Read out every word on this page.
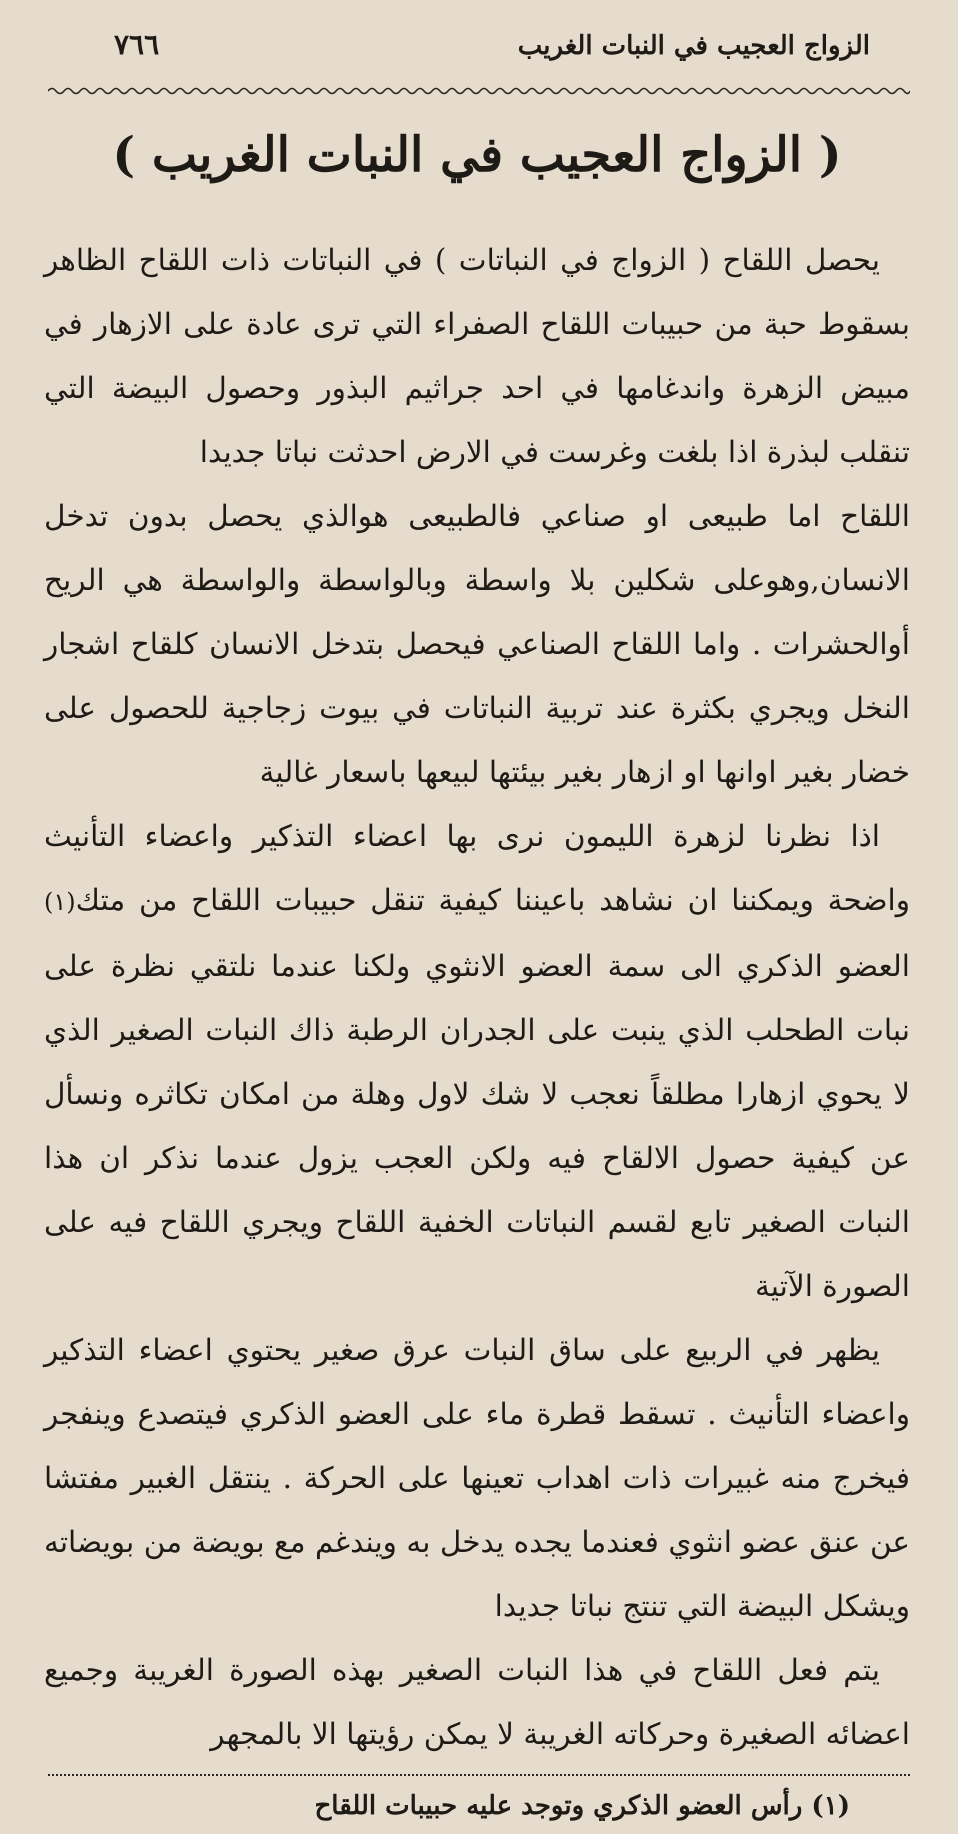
الزواج العجيب في النبات الغريب
٧٦٦
( الزواج العجيب في النبات الغريب )

يحصل اللقاح ( الزواج في النباتات ) في النباتات ذات اللقاح الظاهر بسقوط حبة من حبيبات اللقاح الصفراء التي ترى عادة على الازهار في مبيض الزهرة واندغامها في احد جراثيم البذور وحصول البيضة التي تنقلب لبذرة اذا بلغت وغرست في الارض احدثت نباتا جديدا

اللقاح اما طبيعى او صناعي فالطبيعى هوالذي يحصل بدون تدخل الانسان,وهوعلى شكلين بلا واسطة وبالواسطة والواسطة هي الريح أوالحشرات . واما اللقاح الصناعي فيحصل بتدخل الانسان كلقاح اشجار النخل ويجري بكثرة عند تربية النباتات في بيوت زجاجية للحصول على خضار بغير اوانها او ازهار بغير بيئتها لبيعها باسعار غالية

اذا نظرنا لزهرة الليمون نرى بها اعضاء التذكير واعضاء التأنيث واضحة ويمكننا ان نشاهد باعيننا كيفية تنقل حبيبات اللقاح من متك(١) العضو الذكري الى سمة العضو الانثوي ولكنا عندما نلتقي نظرة على نبات الطحلب الذي ينبت على الجدران الرطبة ذاك النبات الصغير الذي لا يحوي ازهارا مطلقاً نعجب لا شك لاول وهلة من امكان تكاثره ونسأل عن كيفية حصول الالقاح فيه ولكن العجب يزول عندما نذكر ان هذا النبات الصغير تابع لقسم النباتات الخفية اللقاح ويجري اللقاح فيه على الصورة الآتية

يظهر في الربيع على ساق النبات عرق صغير يحتوي اعضاء التذكير واعضاء التأنيث . تسقط قطرة ماء على العضو الذكري فيتصدع وينفجر فيخرج منه غبيرات ذات اهداب تعينها على الحركة . ينتقل الغبير مفتشا عن عنق عضو انثوي فعندما يجده يدخل به ويندغم مع بويضة من بويضاته ويشكل البيضة التي تنتج نباتا جديدا

يتم فعل اللقاح في هذا النبات الصغير بهذه الصورة الغريبة وجميع اعضائه الصغيرة وحركاته الغريبة لا يمكن رؤيتها الا بالمجهر

(١) رأس العضو الذكري وتوجد عليه حبيبات اللقاح
